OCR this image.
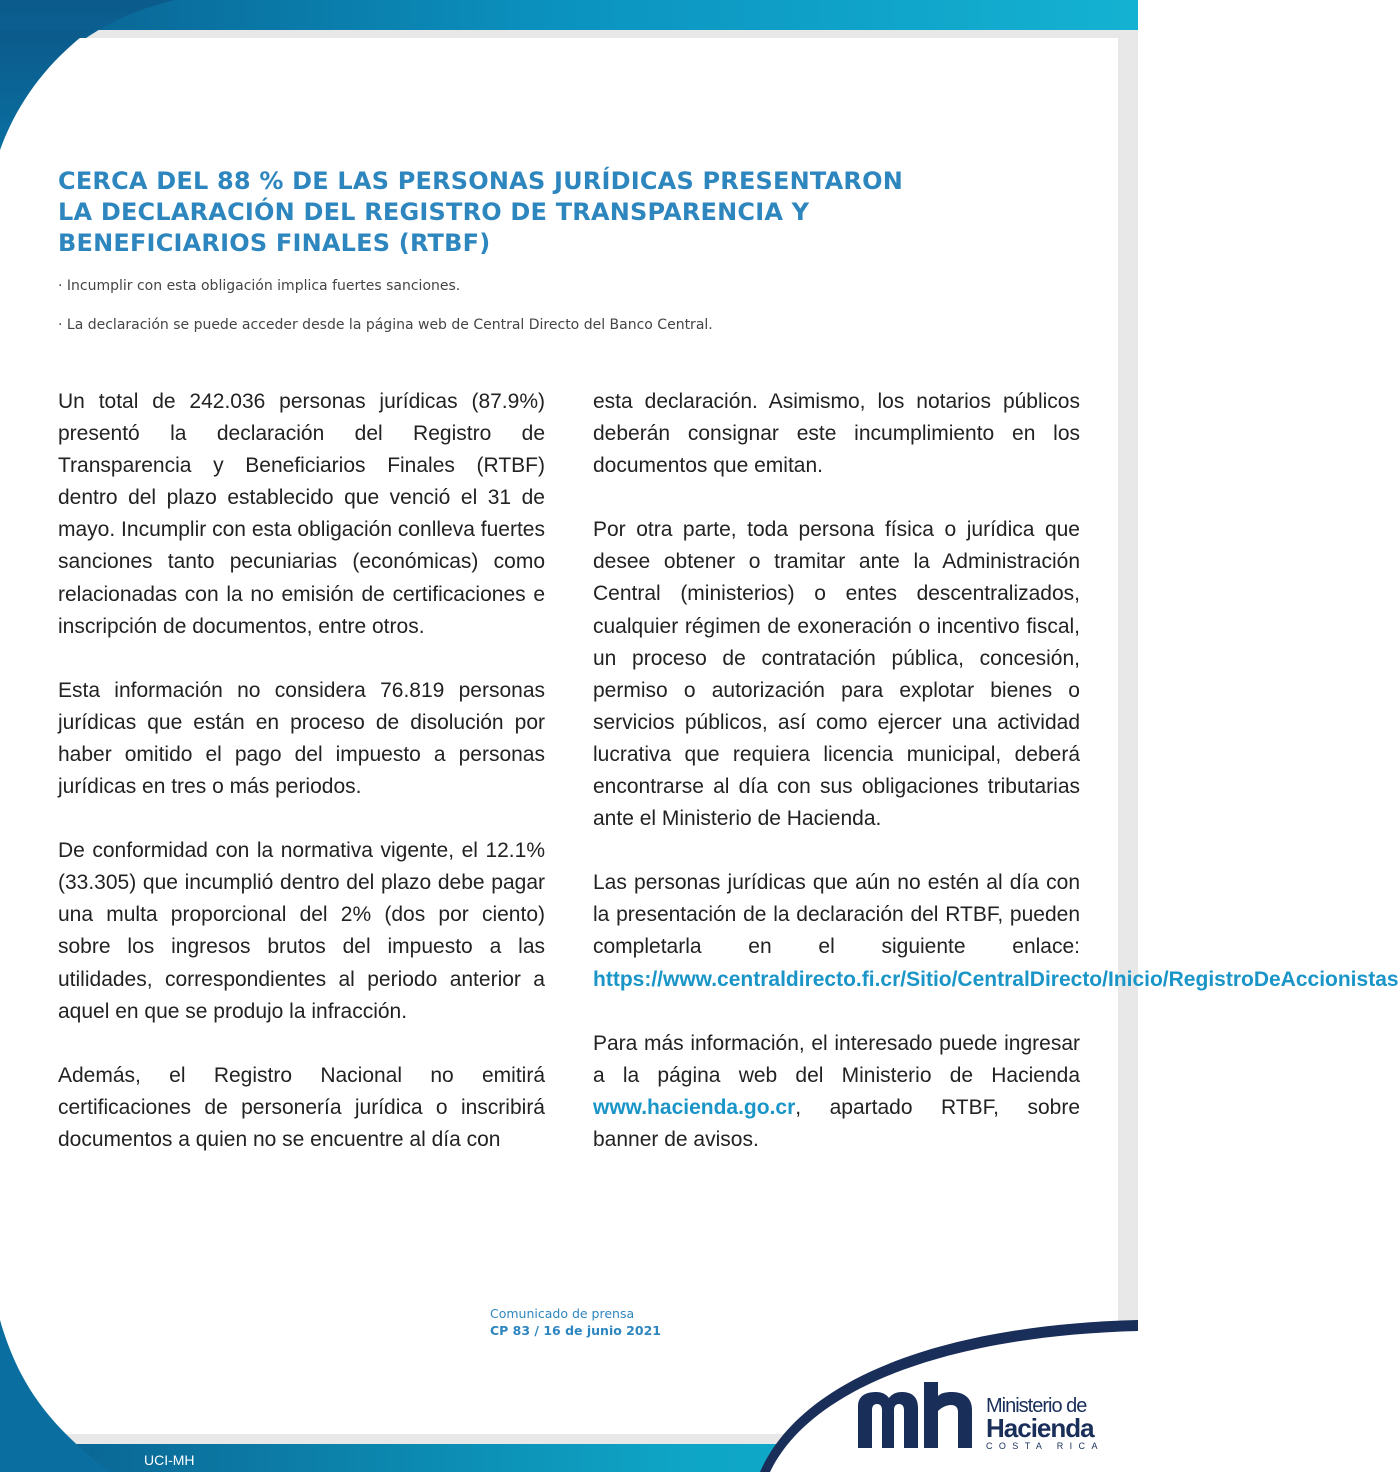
CERCA DEL 88 % DE LAS PERSONAS JURÍDICAS PRESENTARON
LA DECLARACIÓN DEL REGISTRO DE TRANSPARENCIA Y
BENEFICIARIOS FINALES (RTBF)

· Incumplir con esta obligación implica fuertes sanciones.

· La declaración se puede acceder desde la página web de Central Directo del Banco Central.

Un total de 242.036 personas jurídicas (87.9%) presentó la declaración del Registro de Transparencia y Beneficiarios Finales (RTBF) dentro del plazo establecido que venció el 31 de mayo. Incumplir con esta obligación conlleva fuertes sanciones tanto pecuniarias (económicas) como relacionadas con la no emisión de certificaciones e inscripción de documentos, entre otros.

Esta información no considera 76.819 personas jurídicas que están en proceso de disolución por haber omitido el pago del impuesto a personas jurídicas en tres o más periodos.

De conformidad con la normativa vigente, el 12.1% (33.305) que incumplió dentro del plazo debe pagar una multa proporcional del 2% (dos por ciento) sobre los ingresos brutos del impuesto a las utilidades, correspondientes al periodo anterior a aquel en que se produjo la infracción.

Además, el Registro Nacional no emitirá certificaciones de personería jurídica o inscribirá documentos a quien no se encuentre al día con

esta declaración. Asimismo, los notarios públicos deberán consignar este incumplimiento en los documentos que emitan.

Por otra parte, toda persona física o jurídica que desee obtener o tramitar ante la Administración Central (ministerios) o entes descentralizados, cualquier régimen de exoneración o incentivo fiscal, un proceso de contratación pública, concesión, permiso o autorización para explotar bienes o servicios públicos, así como ejercer una actividad lucrativa que requiera licencia municipal, deberá encontrarse al día con sus obligaciones tributarias ante el Ministerio de Hacienda.

Las personas jurídicas que aún no estén al día con la presentación de la declaración del RTBF, pueden completarla en el siguiente enlace: https://www.centraldirecto.fi.cr/Sitio/CentralDirecto/Inicio/RegistroDeAccionistas

Para más información, el interesado puede ingresar a la página web del Ministerio de Hacienda www.hacienda.go.cr, apartado RTBF, sobre banner de avisos.

Comunicado de prensa
CP 83 / 16 de junio 2021
UCI-MH
Ministerio de
Hacienda
COSTA RICA
